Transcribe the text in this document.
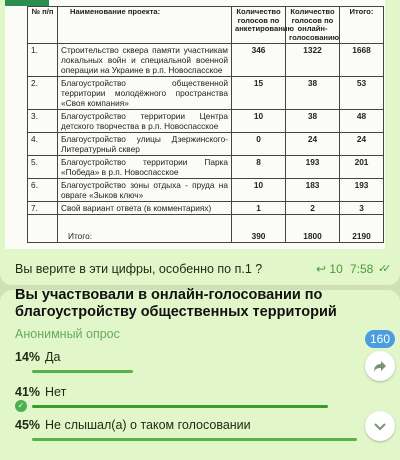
№ п/п	Наименование проекта:	Количество голосов по анкетированию	Количество голосов по онлайн-голосованию	Итого:
1.	Строительство сквера памяти участникам локальных войн и специальной военной операции на Украине в р.п. Новоспасское	346	1322	1668
2.	Благоустройство общественной территории молодёжного пространства «Своя компания»	15	38	53
3.	Благоустройство территории Центра детского творчества в р.п. Новоспасское	10	38	48
4.	Благоустройство улицы Дзержинского- Литературный сквер	0	24	24
5.	Благоустройство территории Парка «Победа» в р.п. Новоспасское	8	193	201
6.	Благоустройство зоны отдыха - пруда на овраге «Зыков ключ»	10	183	193
7.	Свой вариант ответа (в комментариях)	1	2	3
	Итого:	390	1800	2190
Вы верите в эти цифры, особенно по п.1 ?	↩ 10 7:58 ✓✓
Вы участвовали в онлайн-голосовании по благоустройству общественных территорий
Анонимный опрос	160
14% Да
41% Нет
✓
45% Не слышал(а) о таком голосовании
